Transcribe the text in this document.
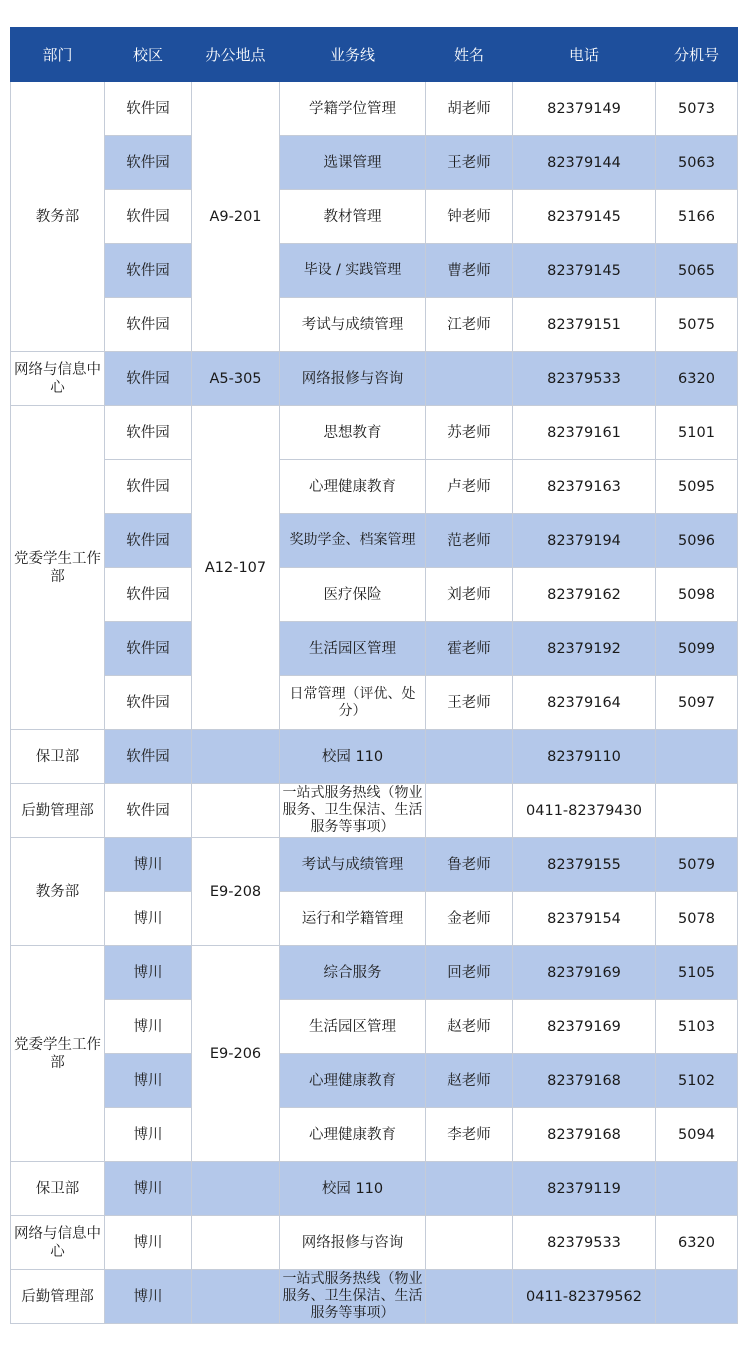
部门	校区	办公地点	业务线	姓名	电话	分机号
教务部	软件园	A9-201	学籍学位管理	胡老师	82379149	5073
	软件园		选课管理	王老师	82379144	5063
	软件园		教材管理	钟老师	82379145	5166
	软件园		毕设 / 实践管理	曹老师	82379145	5065
	软件园		考试与成绩管理	江老师	82379151	5075
网络与信息中心	软件园	A5-305	网络报修与咨询		82379533	6320
党委学生工作部	软件园	A12-107	思想教育	苏老师	82379161	5101
	软件园		心理健康教育	卢老师	82379163	5095
	软件园		奖助学金、档案管理	范老师	82379194	5096
	软件园		医疗保险	刘老师	82379162	5098
	软件园		生活园区管理	霍老师	82379192	5099
	软件园		日常管理（评优、处分）	王老师	82379164	5097
保卫部	软件园		校园 110		82379110	
后勤管理部	软件园		一站式服务热线（物业服务、卫生保洁、生活服务等事项）		0411-82379430	
教务部	博川	E9-208	考试与成绩管理	鲁老师	82379155	5079
	博川		运行和学籍管理	金老师	82379154	5078
党委学生工作部	博川	E9-206	综合服务	回老师	82379169	5105
	博川		生活园区管理	赵老师	82379169	5103
	博川		心理健康教育	赵老师	82379168	5102
	博川		心理健康教育	李老师	82379168	5094
保卫部	博川		校园 110		82379119	
网络与信息中心	博川		网络报修与咨询		82379533	6320
后勤管理部	博川		一站式服务热线（物业服务、卫生保洁、生活服务等事项）		0411-82379562	
